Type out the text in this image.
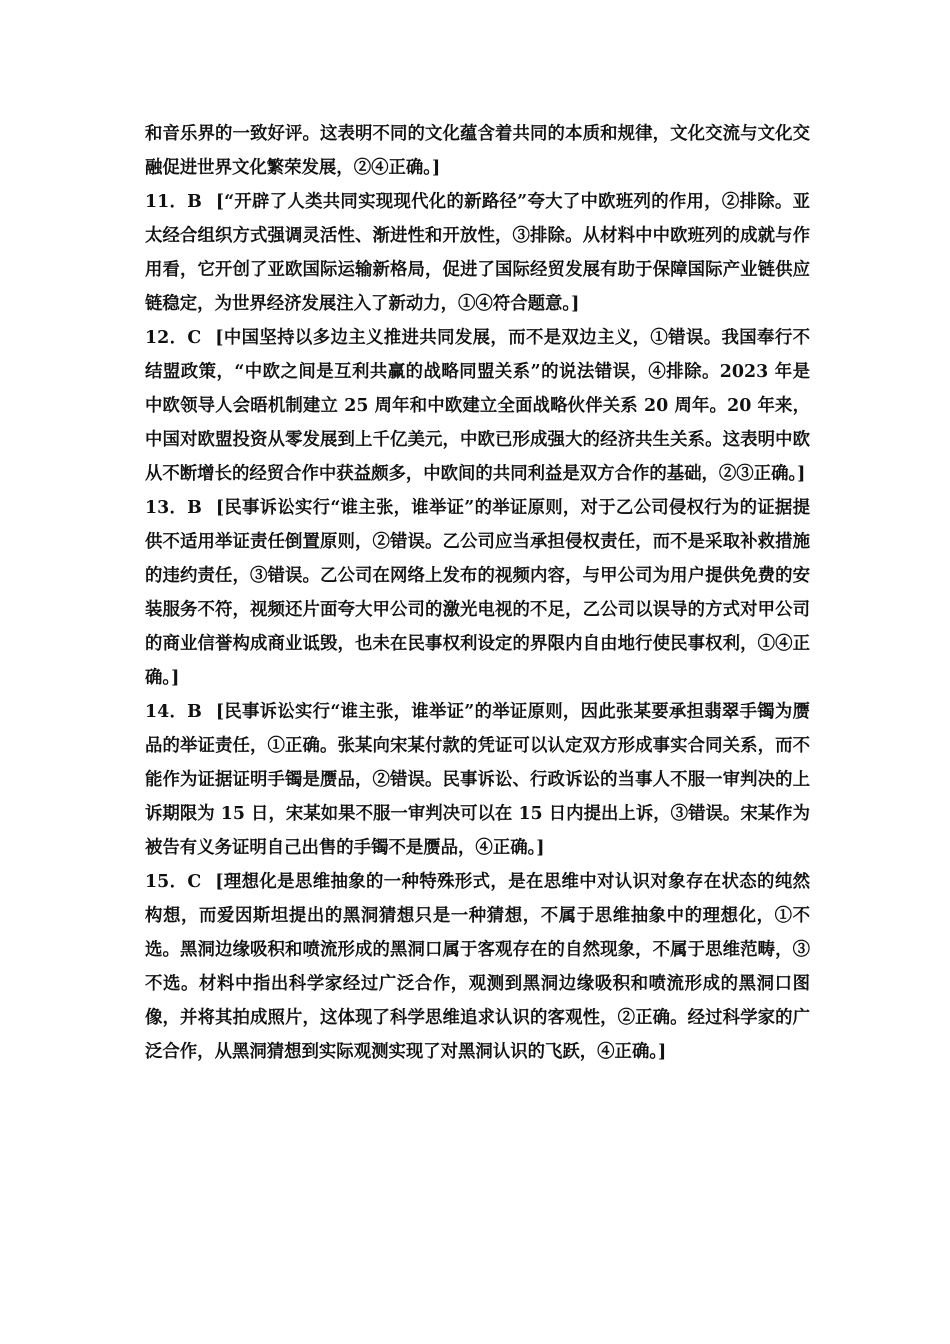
和音乐界的一致好评。这表明不同的文化蕴含着共同的本质和规律，文化交流与文化交融促进世界文化繁荣发展，②④正确。]

11．B [“开辟了人类共同实现现代化的新路径”夸大了中欧班列的作用，②排除。亚太经合组织方式强调灵活性、渐进性和开放性，③排除。从材料中中欧班列的成就与作用看，它开创了亚欧国际运输新格局，促进了国际经贸发展有助于保障国际产业链供应链稳定，为世界经济发展注入了新动力，①④符合题意。]

12．C [中国坚持以多边主义推进共同发展，而不是双边主义，①错误。我国奉行不结盟政策，“中欧之间是互利共赢的战略同盟关系”的说法错误，④排除。2023 年是中欧领导人会晤机制建立 25 周年和中欧建立全面战略伙伴关系 20 周年。20 年来，中国对欧盟投资从零发展到上千亿美元，中欧已形成强大的经济共生关系。这表明中欧从不断增长的经贸合作中获益颇多，中欧间的共同利益是双方合作的基础，②③正确。]

13．B [民事诉讼实行“谁主张，谁举证”的举证原则，对于乙公司侵权行为的证据提供不适用举证责任倒置原则，②错误。乙公司应当承担侵权责任，而不是采取补救措施的违约责任，③错误。乙公司在网络上发布的视频内容，与甲公司为用户提供免费的安装服务不符，视频还片面夸大甲公司的激光电视的不足，乙公司以误导的方式对甲公司的商业信誉构成商业诋毁，也未在民事权利设定的界限内自由地行使民事权利，①④正确。]

14．B [民事诉讼实行“谁主张，谁举证”的举证原则，因此张某要承担翡翠手镯为赝品的举证责任，①正确。张某向宋某付款的凭证可以认定双方形成事实合同关系，而不能作为证据证明手镯是赝品，②错误。民事诉讼、行政诉讼的当事人不服一审判决的上诉期限为 15 日，宋某如果不服一审判决可以在 15 日内提出上诉，③错误。宋某作为被告有义务证明自己出售的手镯不是赝品，④正确。]

15．C [理想化是思维抽象的一种特殊形式，是在思维中对认识对象存在状态的纯然构想，而爱因斯坦提出的黑洞猜想只是一种猜想，不属于思维抽象中的理想化，①不选。黑洞边缘吸积和喷流形成的黑洞口属于客观存在的自然现象，不属于思维范畴，③不选。材料中指出科学家经过广泛合作，观测到黑洞边缘吸积和喷流形成的黑洞口图像，并将其拍成照片，这体现了科学思维追求认识的客观性，②正确。经过科学家的广泛合作，从黑洞猜想到实际观测实现了对黑洞认识的飞跃，④正确。]
